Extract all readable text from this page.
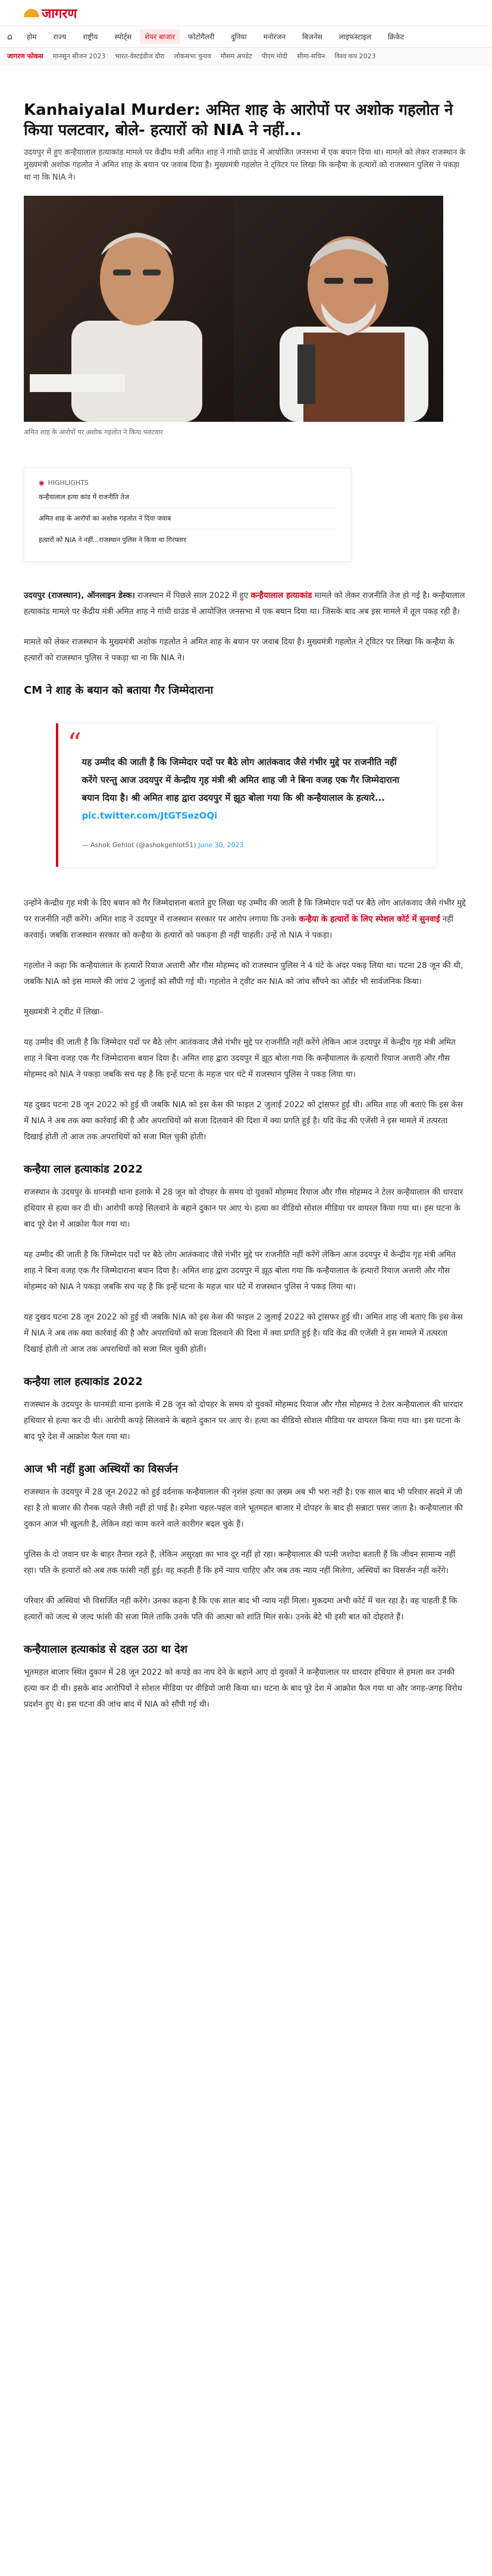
जागरण
⌂	होम	राज्य	राष्ट्रीय	स्पोर्ट्स	शेयर बाजार	फोटोगैलरी	दुनिया	मनोरंजन	बिजनेस	लाइफस्टाइल	क्रिकेट
जागरण फोकस मानसून सीजन 2023 भारत-वेस्टइंडीज दौरा लोकसभा चुनाव मौसम अपडेट पीएम मोदी सीमा-सचिन विश्व कप 2023
Kanhaiyalal Murder: अमित शाह के आरोपों पर अशोक गहलोत ने किया पलटवार, बोले- हत्यारों को NIA ने नहीं...

उदयपुर में हुए कन्हैयालाल हत्याकांड मामले पर केंद्रीय मंत्री अमित शाह ने गांधी ग्राउंड में आयोजित जनसभा में एक बयान दिया था। मामले को लेकर राजस्थान के मुख्यमंत्री अशोक गहलोत ने अमित शाह के बयान पर जवाब दिया है। मुख्यमंत्री गहलोत ने ट्विटर पर लिखा कि कन्हैया के हत्यारों को राजस्थान पुलिस ने पकड़ा था ना कि NIA ने।

अमित शाह के आरोपों पर अशोक गहलोत ने किया पलटवार

◉ HIGHLIGHTS
कन्हैयालाल हत्या कांड में राजनीति तेज
अमित शाह के आरोपों का अशोक गहलोत ने दिया जवाब
हत्यारों को NIA ने नहीं...राजस्थान पुलिस ने किया था गिरफ्तार

उदयपुर (राजस्थान), ऑनलाइन डेस्क। राजस्थान में पिछले साल 2022 में हुए कन्हैयालाल हत्याकांड मामले को लेकर राजनीति तेज हो गई है। कन्हैयालाल हत्याकांड मामले पर केंद्रीय मंत्री अमित शाह ने गांधी ग्राउंड में आयोजित जनसभा में एक बयान दिया था। जिसके बाद अब इस मामले में तूल पकड़ रही है।

मामले को लेकर राजस्थान के मुख्यमंत्री अशोक गहलोत ने अमित शाह के बयान पर जवाब दिया है। मुख्यमंत्री गहलोत ने ट्विटर पर लिखा कि कन्हैया के हत्यारों को राजस्थान पुलिस ने पकड़ा था ना कि NIA ने।

CM ने शाह के बयान को बताया गैर जिम्मेदाराना
“

यह उम्मीद की जाती है कि जिम्मेदार पदों पर बैठे लोग आतंकवाद जैसे गंभीर मुद्दे पर राजनीति नहीं करेंगे परन्तु आज उदयपुर में केन्द्रीय गृह मंत्री श्री अमित शाह जी ने बिना वजह एक गैर जिम्मेदाराना बयान दिया है। श्री अमित शाह द्वारा उदयपुर में झूठ बोला गया कि श्री कन्हैयालाल के हत्यारे... pic.twitter.com/JtGTSezOQi

— Ashok Gehlot (@ashokgehlot51) June 30, 2023

उन्होंने केन्द्रीय गृह मंत्री के दिए बयान को गैर जिम्मेदाराना बताते हुए लिखा यह उम्मीद की जाती है कि जिम्मेदार पदों पर बैठे लोग आतंकवाद जैसे गंभीर मुद्दे पर राजनीति नहीं करेंगे। अमित शाह ने उदयपुर में राजस्थान सरकार पर आरोप लगाया कि उनके कन्हैया के हत्यारों के लिए स्पेशल कोर्ट में सुनवाई नहीं करवाई। जबकि राजस्थान सरकार को कन्हैया के हत्यारों को पकड़ना ही नहीं चाहती। उन्हें तो NIA ने पकड़ा।

गहलोत ने कहा कि कन्हैयालाल के हत्यारों रियाज अत्तारी और गौस मोहम्मद को राजस्थान पुलिस ने 4 घंटे के अंदर पकड़ लिया था। घटना 28 जून की थी, जबकि NIA को इस मामले की जांच 2 जुलाई को सौंपी गई थी। गहलोत ने ट्वीट कर NIA को जांच सौंपने का ऑर्डर भी सार्वजनिक किया।

मुख्यमंत्री ने ट्वीट में लिखा-

यह उम्मीद की जाती है कि जिम्मेदार पदों पर बैठे लोग आतंकवाद जैसे गंभीर मुद्दे पर राजनीति नहीं करेंगे लेकिन आज उदयपुर में केन्द्रीय गृह मंत्री अमित शाह ने बिना वजह एक गैर जिम्मेदाराना बयान दिया है। अमित शाह द्वारा उदयपुर में झूठ बोला गया कि कन्हैयालाल के हत्यारों रियाज अत्तारी और गौस मोहम्मद को NIA ने पकड़ा जबकि सच यह है कि इन्हें घटना के महज चार घंटे में राजस्थान पुलिस ने पकड़ लिया था।

यह दुखद घटना 28 जून 2022 को हुई थी जबकि NIA को इस केस की फाइल 2 जुलाई 2022 को ट्रांसफर हुई थी। अमित शाह जी बताएं कि इस केस में NIA ने अब तक क्या कार्रवाई की है और अपराधियों को सजा दिलवाने की दिशा में क्या प्रगति हुई है। यदि केंद्र की एजेंसी ने इस मामले में तत्परता दिखाई होती तो आज तक अपराधियों को सजा मिल चुकी होती।

कन्हैया लाल हत्याकांड 2022

राजस्थान के उदयपुर के धानमंडी थाना इलाके में 28 जून को दोपहर के समय दो युवकों मोहम्मद रियाज और गौस मोहम्मद ने टेलर कन्हैयालाल की धारदार हथियार से हत्या कर दी थी। आरोपी कपड़े सिलवाने के बहाने दुकान पर आए थे। हत्या का वीडियो सोशल मीडिया पर वायरल किया गया था। इस घटना के बाद पूरे देश में आक्रोश फैल गया था।

यह उम्मीद की जाती है कि जिम्मेदार पदों पर बैठे लोग आतंकवाद जैसे गंभीर मुद्दे पर राजनीति नहीं करेंगे लेकिन आज उदयपुर में केन्द्रीय गृह मंत्री अमित शाह ने बिना वजह एक गैर जिम्मेदाराना बयान दिया है। अमित शाह द्वारा उदयपुर में झूठ बोला गया कि कन्हैयालाल के हत्यारों रियाज अत्तारी और गौस मोहम्मद को NIA ने पकड़ा जबकि सच यह है कि इन्हें घटना के महज चार घंटे में राजस्थान पुलिस ने पकड़ लिया था।

यह दुखद घटना 28 जून 2022 को हुई थी जबकि NIA को इस केस की फाइल 2 जुलाई 2022 को ट्रांसफर हुई थी। अमित शाह जी बताएं कि इस केस में NIA ने अब तक क्या कार्रवाई की है और अपराधियों को सजा दिलवाने की दिशा में क्या प्रगति हुई है। यदि केंद्र की एजेंसी ने इस मामले में तत्परता दिखाई होती तो आज तक अपराधियों को सजा मिल चुकी होती।

कन्हैया लाल हत्याकांड 2022

राजस्थान के उदयपुर के धानमंडी थाना इलाके में 28 जून को दोपहर के समय दो युवकों मोहम्मद रियाज और गौस मोहम्मद ने टेलर कन्हैयालाल की धारदार हथियार से हत्या कर दी थी। आरोपी कपड़े सिलवाने के बहाने दुकान पर आए थे। हत्या का वीडियो सोशल मीडिया पर वायरल किया गया था। इस घटना के बाद पूरे देश में आक्रोश फैल गया था।

आज भी नहीं हुआ अस्थियों का विसर्जन

राजस्थान के उदयपुर में 28 जून 2022 को हुई दर्दनाक कन्हैयालाल की नृशंस हत्या का ज़ख्म अब भी भरा नहीं है। एक साल बाद भी परिवार सदमे में जी रहा है तो बाजार की रौनक पहले जैसी नहीं हो पाई है। हमेशा चहल-पहल वाले भूतमहल बाजार में दोपहर के बाद ही सन्नाटा पसर जाता है। कन्हैयालाल की दुकान आज भी खुलती है, लेकिन वहां काम करने वाले कारीगर बदल चुके हैं।

पुलिस के दो जवान घर के बाहर तैनात रहते हैं, लेकिन असुरक्षा का भाव दूर नहीं हो रहा। कन्हैयालाल की पत्नी जशोदा बताती हैं कि जीवन सामान्य नहीं रहा। पति के हत्यारों को अब तक फांसी नहीं हुई। वह कहती हैं कि हमें न्याय चाहिए और जब तक न्याय नहीं मिलेगा, अस्थियों का विसर्जन नहीं करेंगे।

परिवार की अस्थियां भी विसर्जित नहीं करेंगे। उनका कहना है कि एक साल बाद भी न्याय नहीं मिला। मुकदमा अभी कोर्ट में चल रहा है। वह चाहती हैं कि हत्यारों को जल्द से जल्द फांसी की सजा मिले ताकि उनके पति की आत्मा को शांति मिल सके। उनके बेटे भी इसी बात को दोहराते हैं।

कन्हैयालाल हत्याकांड से दहल उठा था देश

भूतमहल बाजार स्थित दुकान में 28 जून 2022 को कपड़े का नाप देने के बहाने आए दो युवकों ने कन्हैयालाल पर धारदार हथियार से हमला कर उनकी हत्या कर दी थी। इसके बाद आरोपियों ने सोशल मीडिया पर वीडियो जारी किया था। घटना के बाद पूरे देश में आक्रोश फैल गया था और जगह-जगह विरोध प्रदर्शन हुए थे। इस घटना की जांच बाद में NIA को सौंपी गई थी।
